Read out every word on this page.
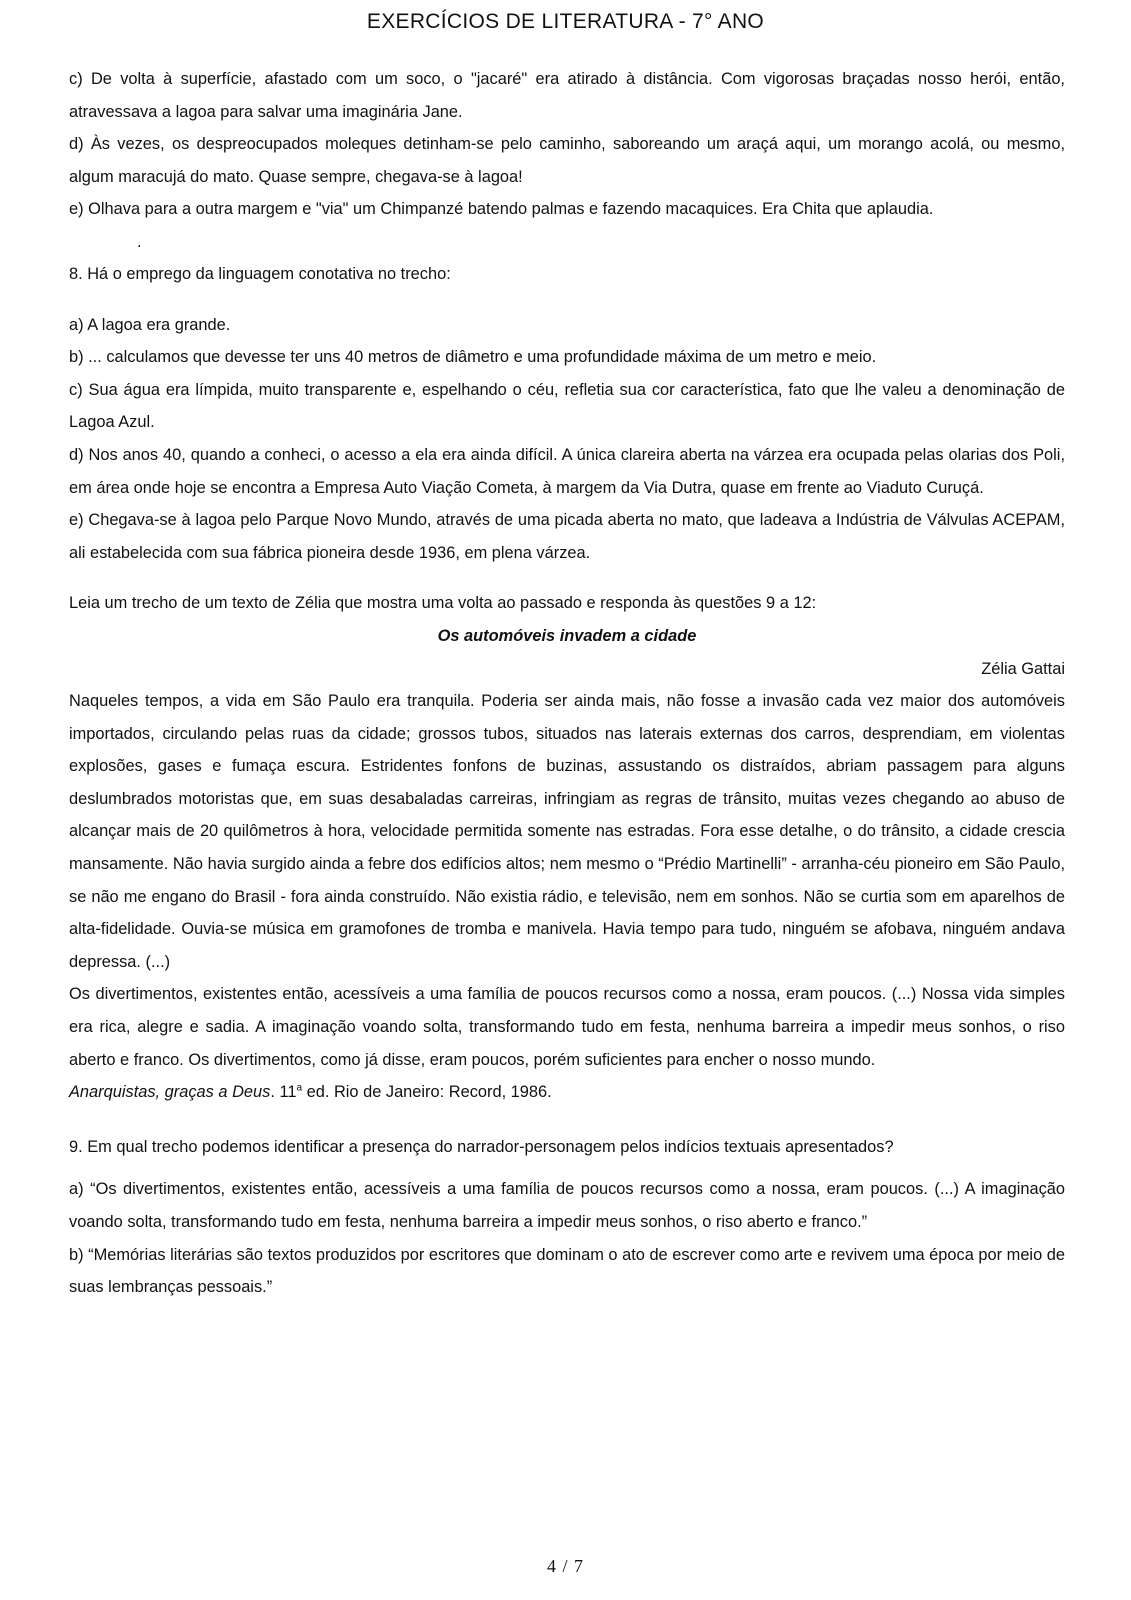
EXERCÍCIOS DE LITERATURA - 7° ANO

c) De volta à superfície, afastado com um soco, o "jacaré" era atirado à distância. Com vigorosas braçadas nosso herói, então, atravessava a lagoa para salvar uma imaginária Jane.

d) Às vezes, os despreocupados moleques detinham-se pelo caminho, saboreando um araçá aqui, um morango acolá, ou mesmo, algum maracujá do mato. Quase sempre, chegava-se à lagoa!

e) Olhava para a outra margem e "via" um Chimpanzé batendo palmas e fazendo macaquices. Era Chita que aplaudia.

.

8. Há o emprego da linguagem conotativa no trecho:

a) A lagoa era grande.

b) ... calculamos que devesse ter uns 40 metros de diâmetro e uma profundidade máxima de um metro e meio.

c) Sua água era límpida, muito transparente e, espelhando o céu, refletia sua cor característica, fato que lhe valeu a denominação de Lagoa Azul.

d) Nos anos 40, quando a conheci, o acesso a ela era ainda difícil. A única clareira aberta na várzea era ocupada pelas olarias dos Poli, em área onde hoje se encontra a Empresa Auto Viação Cometa, à margem da Via Dutra, quase em frente ao Viaduto Curuçá.

e) Chegava-se à lagoa pelo Parque Novo Mundo, através de uma picada aberta no mato, que ladeava a Indústria de Válvulas ACEPAM, ali estabelecida com sua fábrica pioneira desde 1936, em plena várzea.

Leia um trecho de um texto de Zélia que mostra uma volta ao passado e responda às questões 9 a 12:

Os automóveis invadem a cidade

Zélia Gattai

Naqueles tempos, a vida em São Paulo era tranquila. Poderia ser ainda mais, não fosse a invasão cada vez maior dos automóveis importados, circulando pelas ruas da cidade; grossos tubos, situados nas laterais externas dos carros, desprendiam, em violentas explosões, gases e fumaça escura. Estridentes fonfons de buzinas, assustando os distraídos, abriam passagem para alguns deslumbrados motoristas que, em suas desabaladas carreiras, infringiam as regras de trânsito, muitas vezes chegando ao abuso de alcançar mais de 20 quilômetros à hora, velocidade permitida somente nas estradas. Fora esse detalhe, o do trânsito, a cidade crescia mansamente. Não havia surgido ainda a febre dos edifícios altos; nem mesmo o “Prédio Martinelli” - arranha-céu pioneiro em São Paulo, se não me engano do Brasil - fora ainda construído. Não existia rádio, e televisão, nem em sonhos. Não se curtia som em aparelhos de alta-fidelidade. Ouvia-se música em gramofones de tromba e manivela. Havia tempo para tudo, ninguém se afobava, ninguém andava depressa. (...)

Os divertimentos, existentes então, acessíveis a uma família de poucos recursos como a nossa, eram poucos. (...) Nossa vida simples era rica, alegre e sadia. A imaginação voando solta, transformando tudo em festa, nenhuma barreira a impedir meus sonhos, o riso aberto e franco. Os divertimentos, como já disse, eram poucos, porém suficientes para encher o nosso mundo.

Anarquistas, graças a Deus. 11$^a$ ed. Rio de Janeiro: Record, 1986.

9. Em qual trecho podemos identificar a presença do narrador-personagem pelos indícios textuais apresentados?

a) “Os divertimentos, existentes então, acessíveis a uma família de poucos recursos como a nossa, eram poucos. (...) A imaginação voando solta, transformando tudo em festa, nenhuma barreira a impedir meus sonhos, o riso aberto e franco.”

b) “Memórias literárias são textos produzidos por escritores que dominam o ato de escrever como arte e revivem uma época por meio de suas lembranças pessoais.”

4 / 7
